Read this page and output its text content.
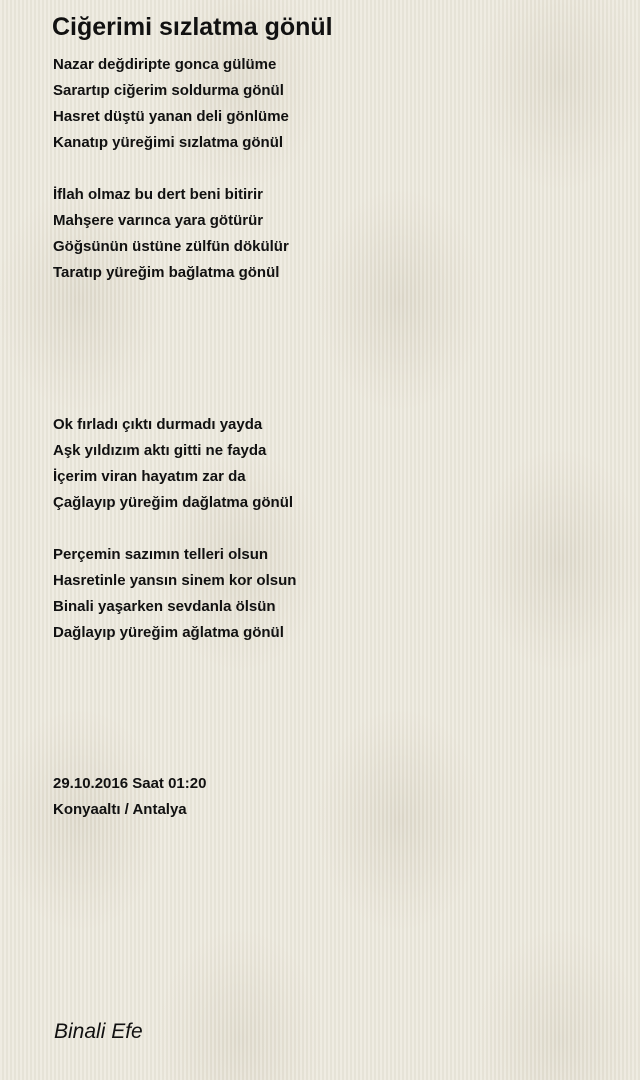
Ciğerimi sızlatma gönül
Nazar değdiripte gonca gülüme
Sarartıp ciğerim soldurma gönül
Hasret düştü yanan deli gönlüme
Kanatıp yüreğimi sızlatma gönül
İflah olmaz bu dert beni bitirir
Mahşere varınca yara götürür
Göğsünün üstüne zülfün dökülür
Taratıp yüreğim bağlatma gönül
Ok fırladı çıktı durmadı yayda
Aşk yıldızım aktı gitti ne fayda
İçerim viran hayatım zar da
Çağlayıp yüreğim dağlatma gönül
Perçemin sazımın telleri olsun
Hasretinle yansın sinem kor olsun
Binali yaşarken sevdanla ölsün
Dağlayıp yüreğim ağlatma gönül
29.10.2016 ‎Saat 01:20‎
Konyaaltı / Antalya
Binali Efe
